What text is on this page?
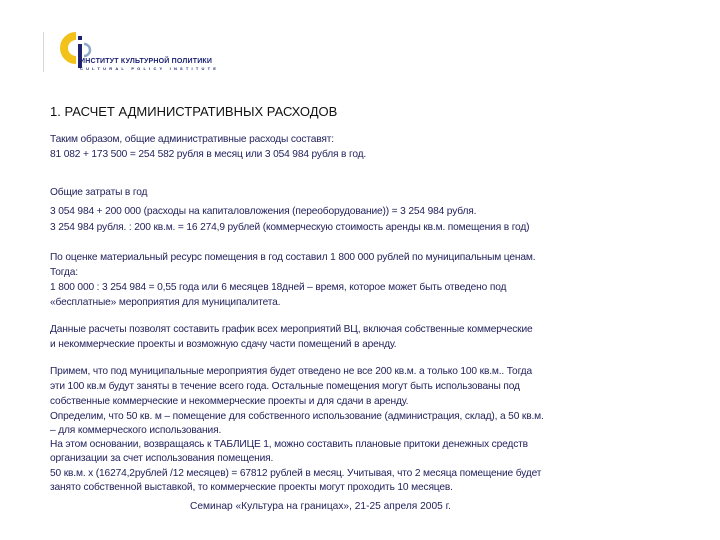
ИНСТИТУТ КУЛЬТУРНОЙ ПОЛИТИКИ
CULTURAL POLICY INSTITUTE
1. РАСЧЕТ АДМИНИСТРАТИВНЫХ РАСХОДОВ
Таким образом, общие административные расходы составят:
81 082 + 173 500 = 254 582 рубля в месяц или 3 054 984 рубля в год.
Общие затраты в год
3 054 984 + 200 000 (расходы на капиталовложения (переоборудование)) = 3 254 984 рубля.
3 254 984 рубля. : 200 кв.м. = 16 274,9 рублей (коммерческую стоимость аренды кв.м. помещения в год)
По оценке материальный ресурс помещения в год составил 1 800 000 рублей по муниципальным ценам.
Тогда:
1 800 000 : 3 254 984 = 0,55 года или 6 месяцев 18дней – время, которое может быть отведено под
«бесплатные» мероприятия для муниципалитета.
Данные расчеты позволят составить график всех мероприятий ВЦ, включая собственные коммерческие
и некоммерческие проекты и возможную сдачу части помещений в аренду.
Примем, что под муниципальные мероприятия будет отведено не все 200 кв.м. а только 100 кв.м.. Тогда
эти 100 кв.м будут заняты в течение всего года. Остальные помещения могут быть использованы под
собственные коммерческие и некоммерческие проекты и для сдачи в аренду.
Определим, что 50 кв. м – помещение для собственного использование (администрация, склад), а 50 кв.м.
– для коммерческого использования.
На этом основании, возвращаясь к ТАБЛИЦЕ 1, можно составить плановые притоки денежных средств
организации за счет использования помещения.
50 кв.м. х (16274,2рублей /12 месяцев) = 67812 рублей в месяц. Учитывая, что 2 месяца помещение будет
занято собственной выставкой, то коммерческие проекты могут проходить 10 месяцев.
Семинар «Культура на границах», 21-25 апреля 2005 г.
